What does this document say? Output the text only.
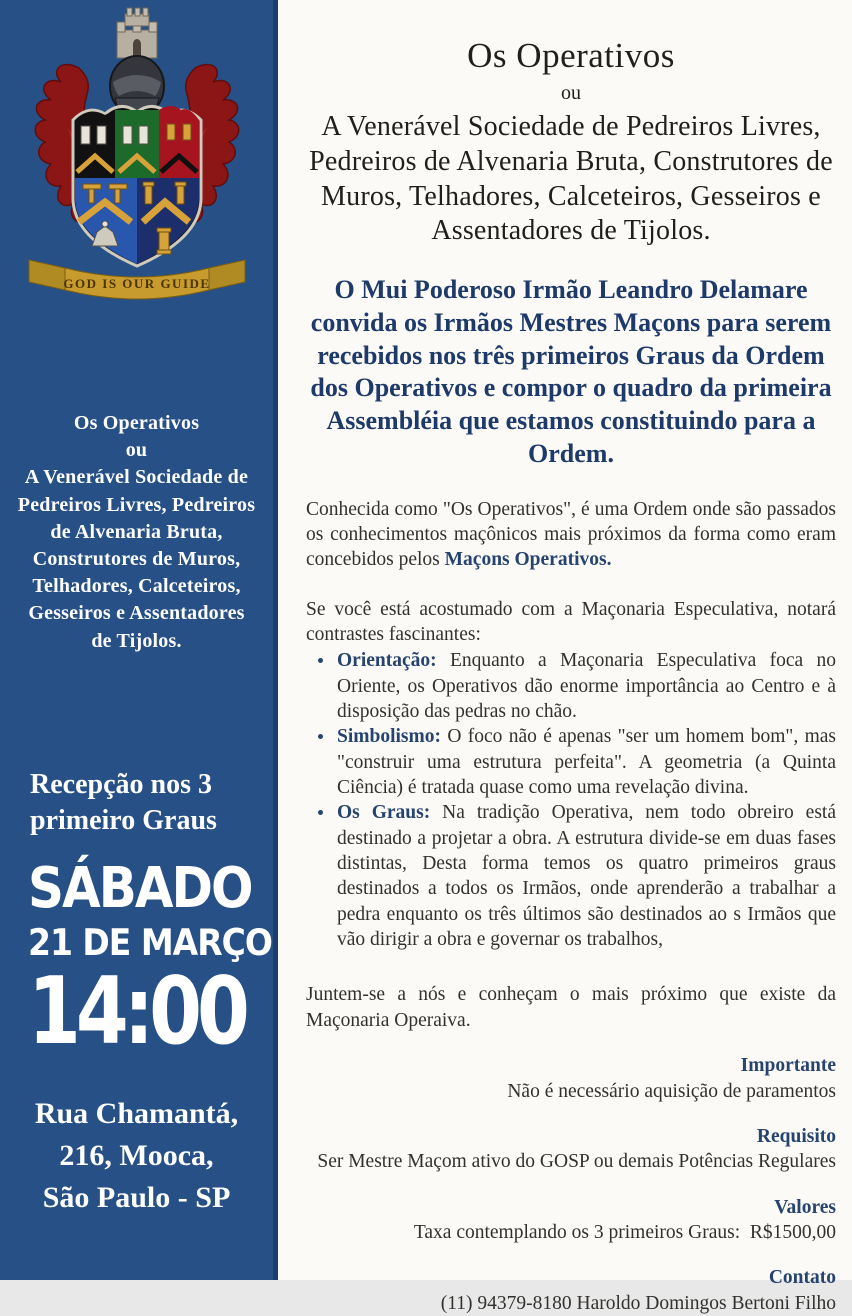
GOD IS OUR GUIDE
Os Operativos
ou
A Venerável Sociedade de Pedreiros Livres, Pedreiros de Alvenaria Bruta, Construtores de Muros, Telhadores, Calceteiros, Gesseiros e Assentadores de Tijolos.
Recepção nos 3 primeiro Graus
SÁBADO
21 DE MARÇO
14:00
Rua Chamantá,
216, Mooca,
São Paulo - SP
Os Operativos
ou
A Venerável Sociedade de Pedreiros Livres, Pedreiros de Alvenaria Bruta, Construtores de Muros, Telhadores, Calceteiros, Gesseiros e Assentadores de Tijolos.

O Mui Poderoso Irmão Leandro Delamare convida os Irmãos Mestres Maçons para serem recebidos nos três primeiros Graus da Ordem dos Operativos e compor o quadro da primeira Assembléia que estamos constituindo para a Ordem.

Conhecida como "Os Operativos", é uma Ordem onde são passados os conhecimentos maçônicos mais próximos da forma como eram concebidos pelos Maçons Operativos.

Se você está acostumado com a Maçonaria Especulativa, notará contrastes fascinantes:

• Orientação: Enquanto a Maçonaria Especulativa foca no Oriente, os Operativos dão enorme importância ao Centro e à disposição das pedras no chão.
• Simbolismo: O foco não é apenas "ser um homem bom", mas "construir uma estrutura perfeita". A geometria (a Quinta Ciência) é tratada quase como uma revelação divina.
• Os Graus: Na tradição Operativa, nem todo obreiro está destinado a projetar a obra. A estrutura divide-se em duas fases distintas, Desta forma temos os quatro primeiros graus destinados a todos os Irmãos, onde aprenderão a trabalhar a pedra enquanto os três últimos são destinados ao s Irmãos que vão dirigir a obra e governar os trabalhos,

Juntem-se a nós e conheçam o mais próximo que existe da Maçonaria Operaiva.

Importante
Não é necessário aquisição de paramentos
Requisito
Ser Mestre Maçom ativo do GOSP ou demais Potências Regulares
Valores
Taxa contemplando os 3 primeiros Graus:  R$1500,00
Contato
(11) 94379-8180 Haroldo Domingos Bertoni Filho
